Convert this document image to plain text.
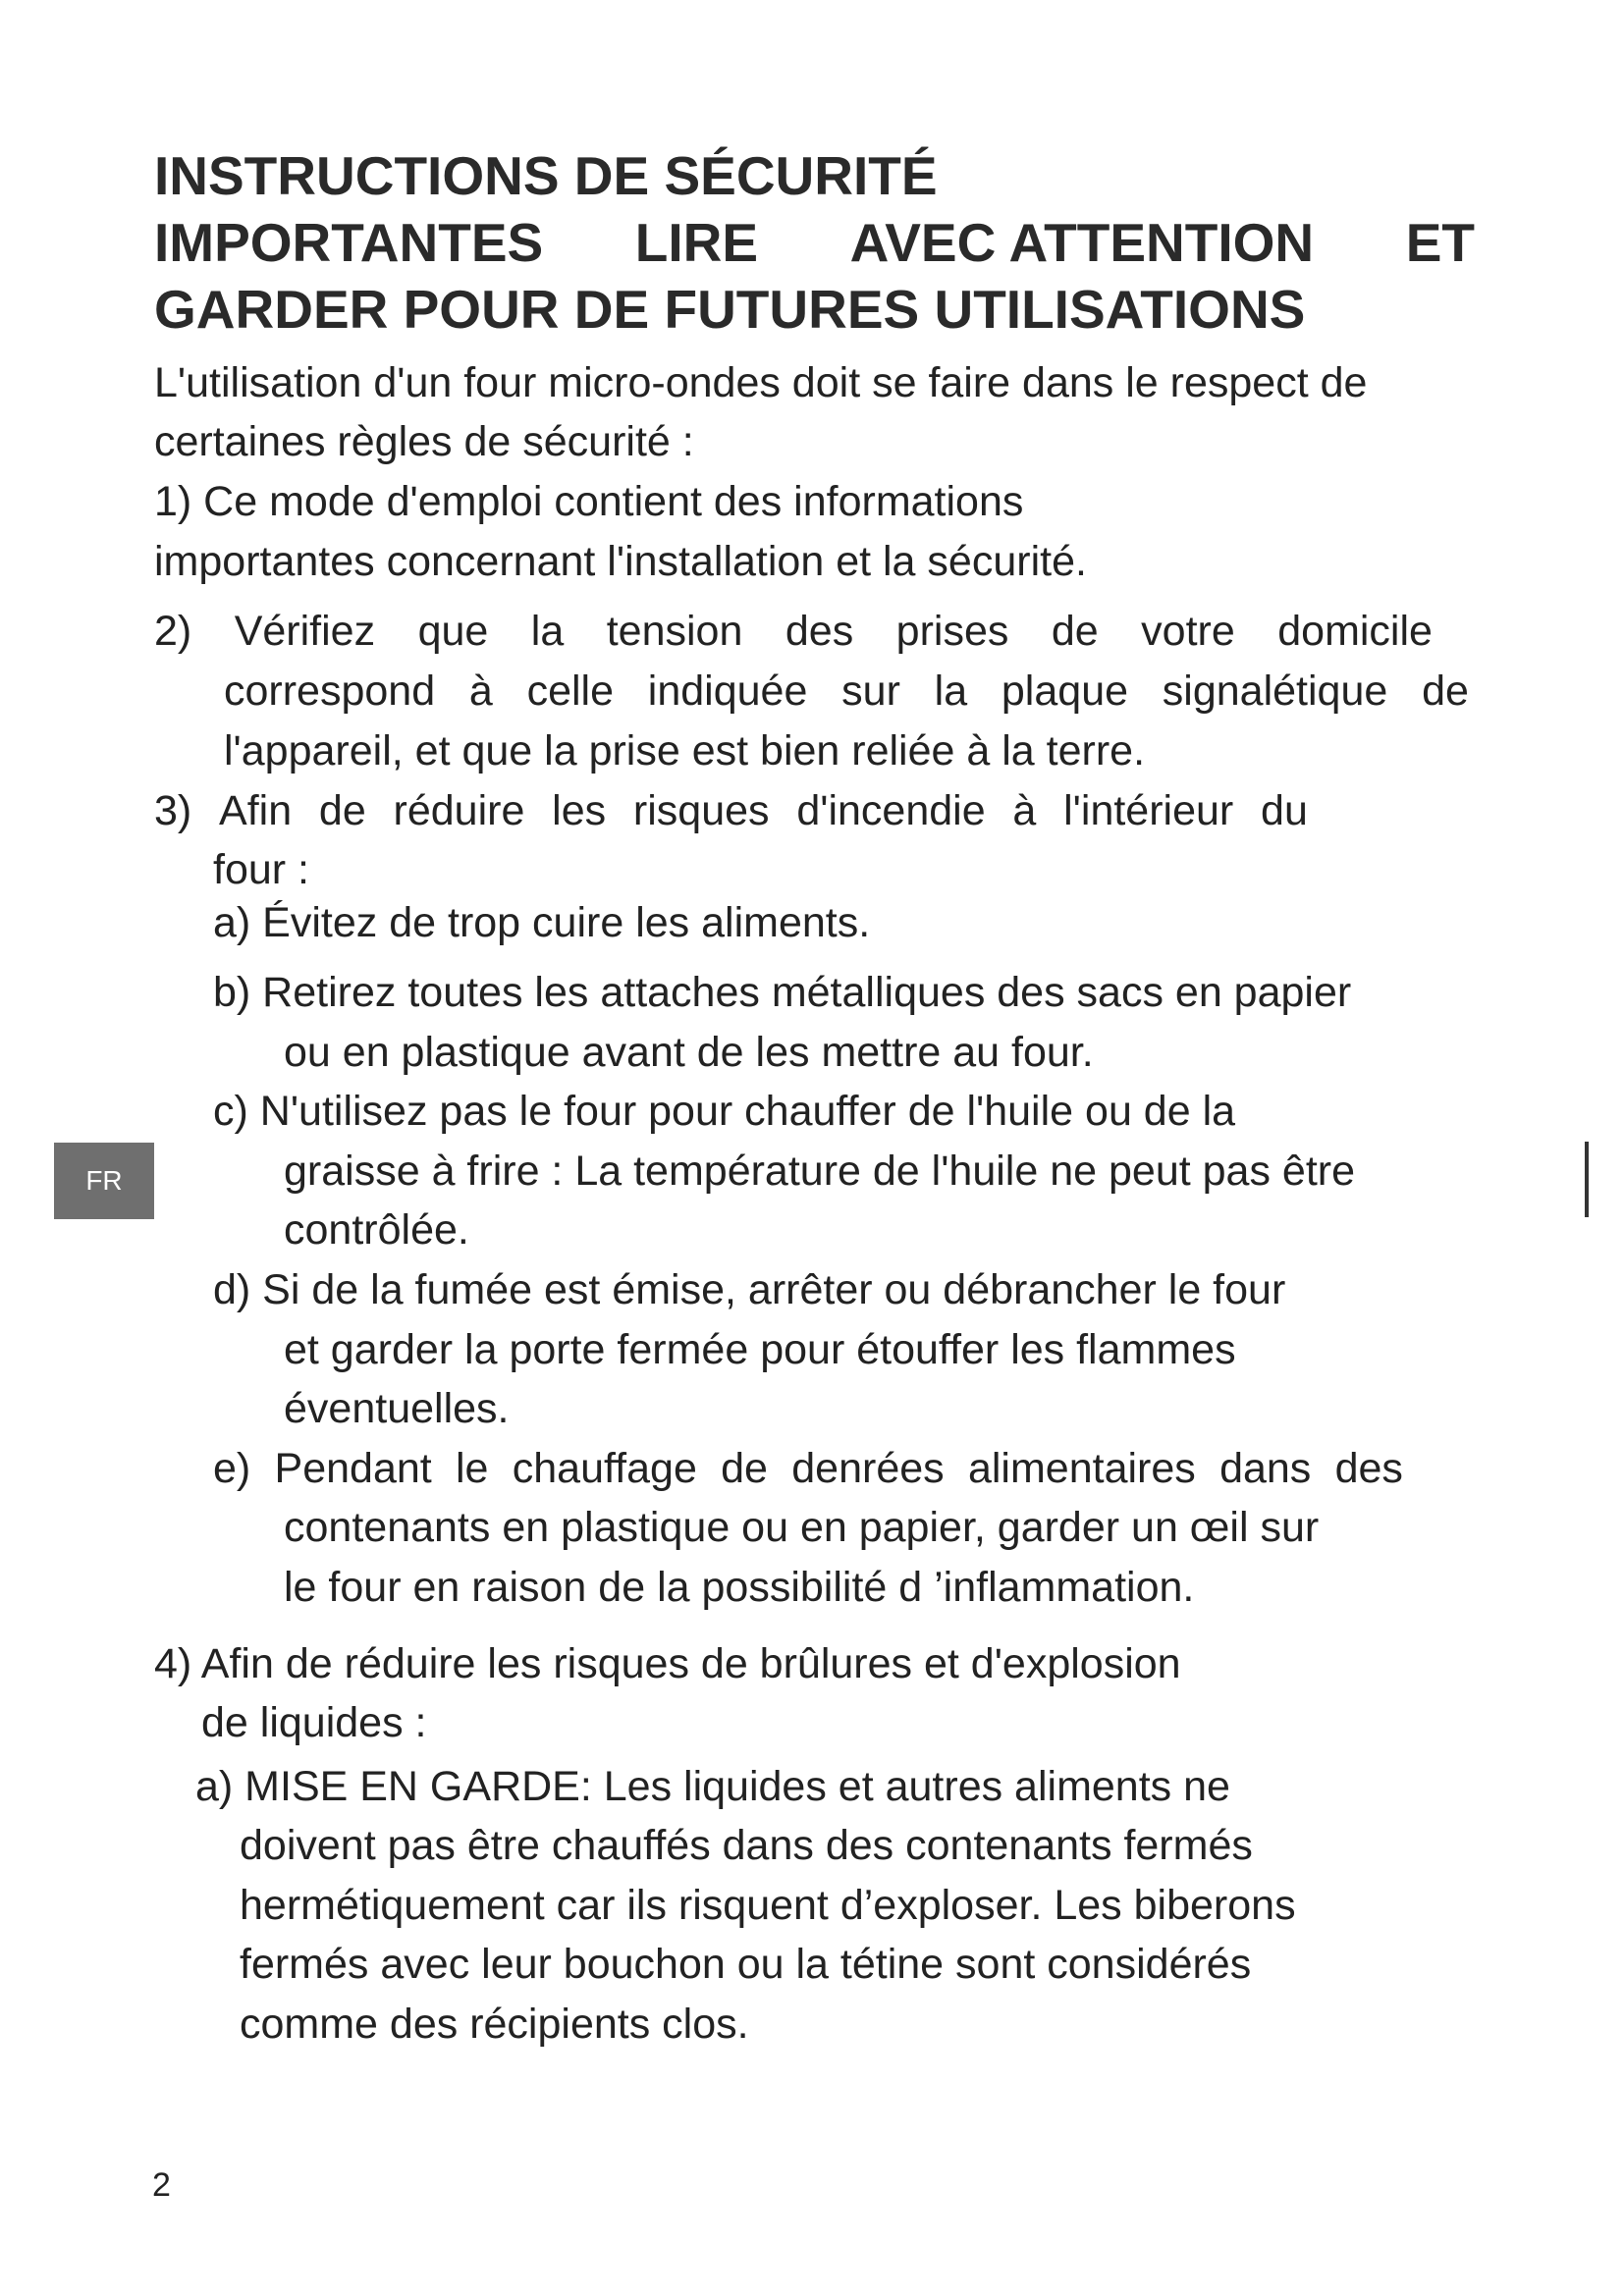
INSTRUCTIONS DE SÉCURITÉ
IMPORTANTES LIRE AVEC ATTENTION ET
GARDER POUR DE FUTURES UTILISATIONS
L'utilisation d'un four micro-ondes doit se faire dans le respect de
certaines règles de sécurité :
1) Ce mode d'emploi contient des informations
importantes concernant l'installation et la sécurité.
2) Vérifiez que la tension des prises de votre domicile
correspond à celle indiquée sur la plaque signalétique de
l'appareil, et que la prise est bien reliée à la terre.
3) Afin de réduire les risques d'incendie à l'intérieur du
four :
a) Évitez de trop cuire les aliments.
b) Retirez toutes les attaches métalliques des sacs en papier
ou en plastique avant de les mettre au four.
c) N'utilisez pas le four pour chauffer de l'huile ou de la
graisse à frire : La température de l'huile ne peut pas être
contrôlée.
d) Si de la fumée est émise, arrêter ou débrancher le four
et garder la porte fermée pour étouffer les flammes
éventuelles.
e) Pendant le chauffage de denrées alimentaires dans des
contenants en plastique ou en papier, garder un œil sur
le four en raison de la possibilité d ’inflammation.
4) Afin de réduire les risques de brûlures et d'explosion
de liquides :
a) MISE EN GARDE: Les liquides et autres aliments ne
doivent pas être chauffés dans des contenants fermés
hermétiquement car ils risquent d’exploser. Les biberons
fermés avec leur bouchon ou la tétine sont considérés
comme des récipients clos.
FR
2
